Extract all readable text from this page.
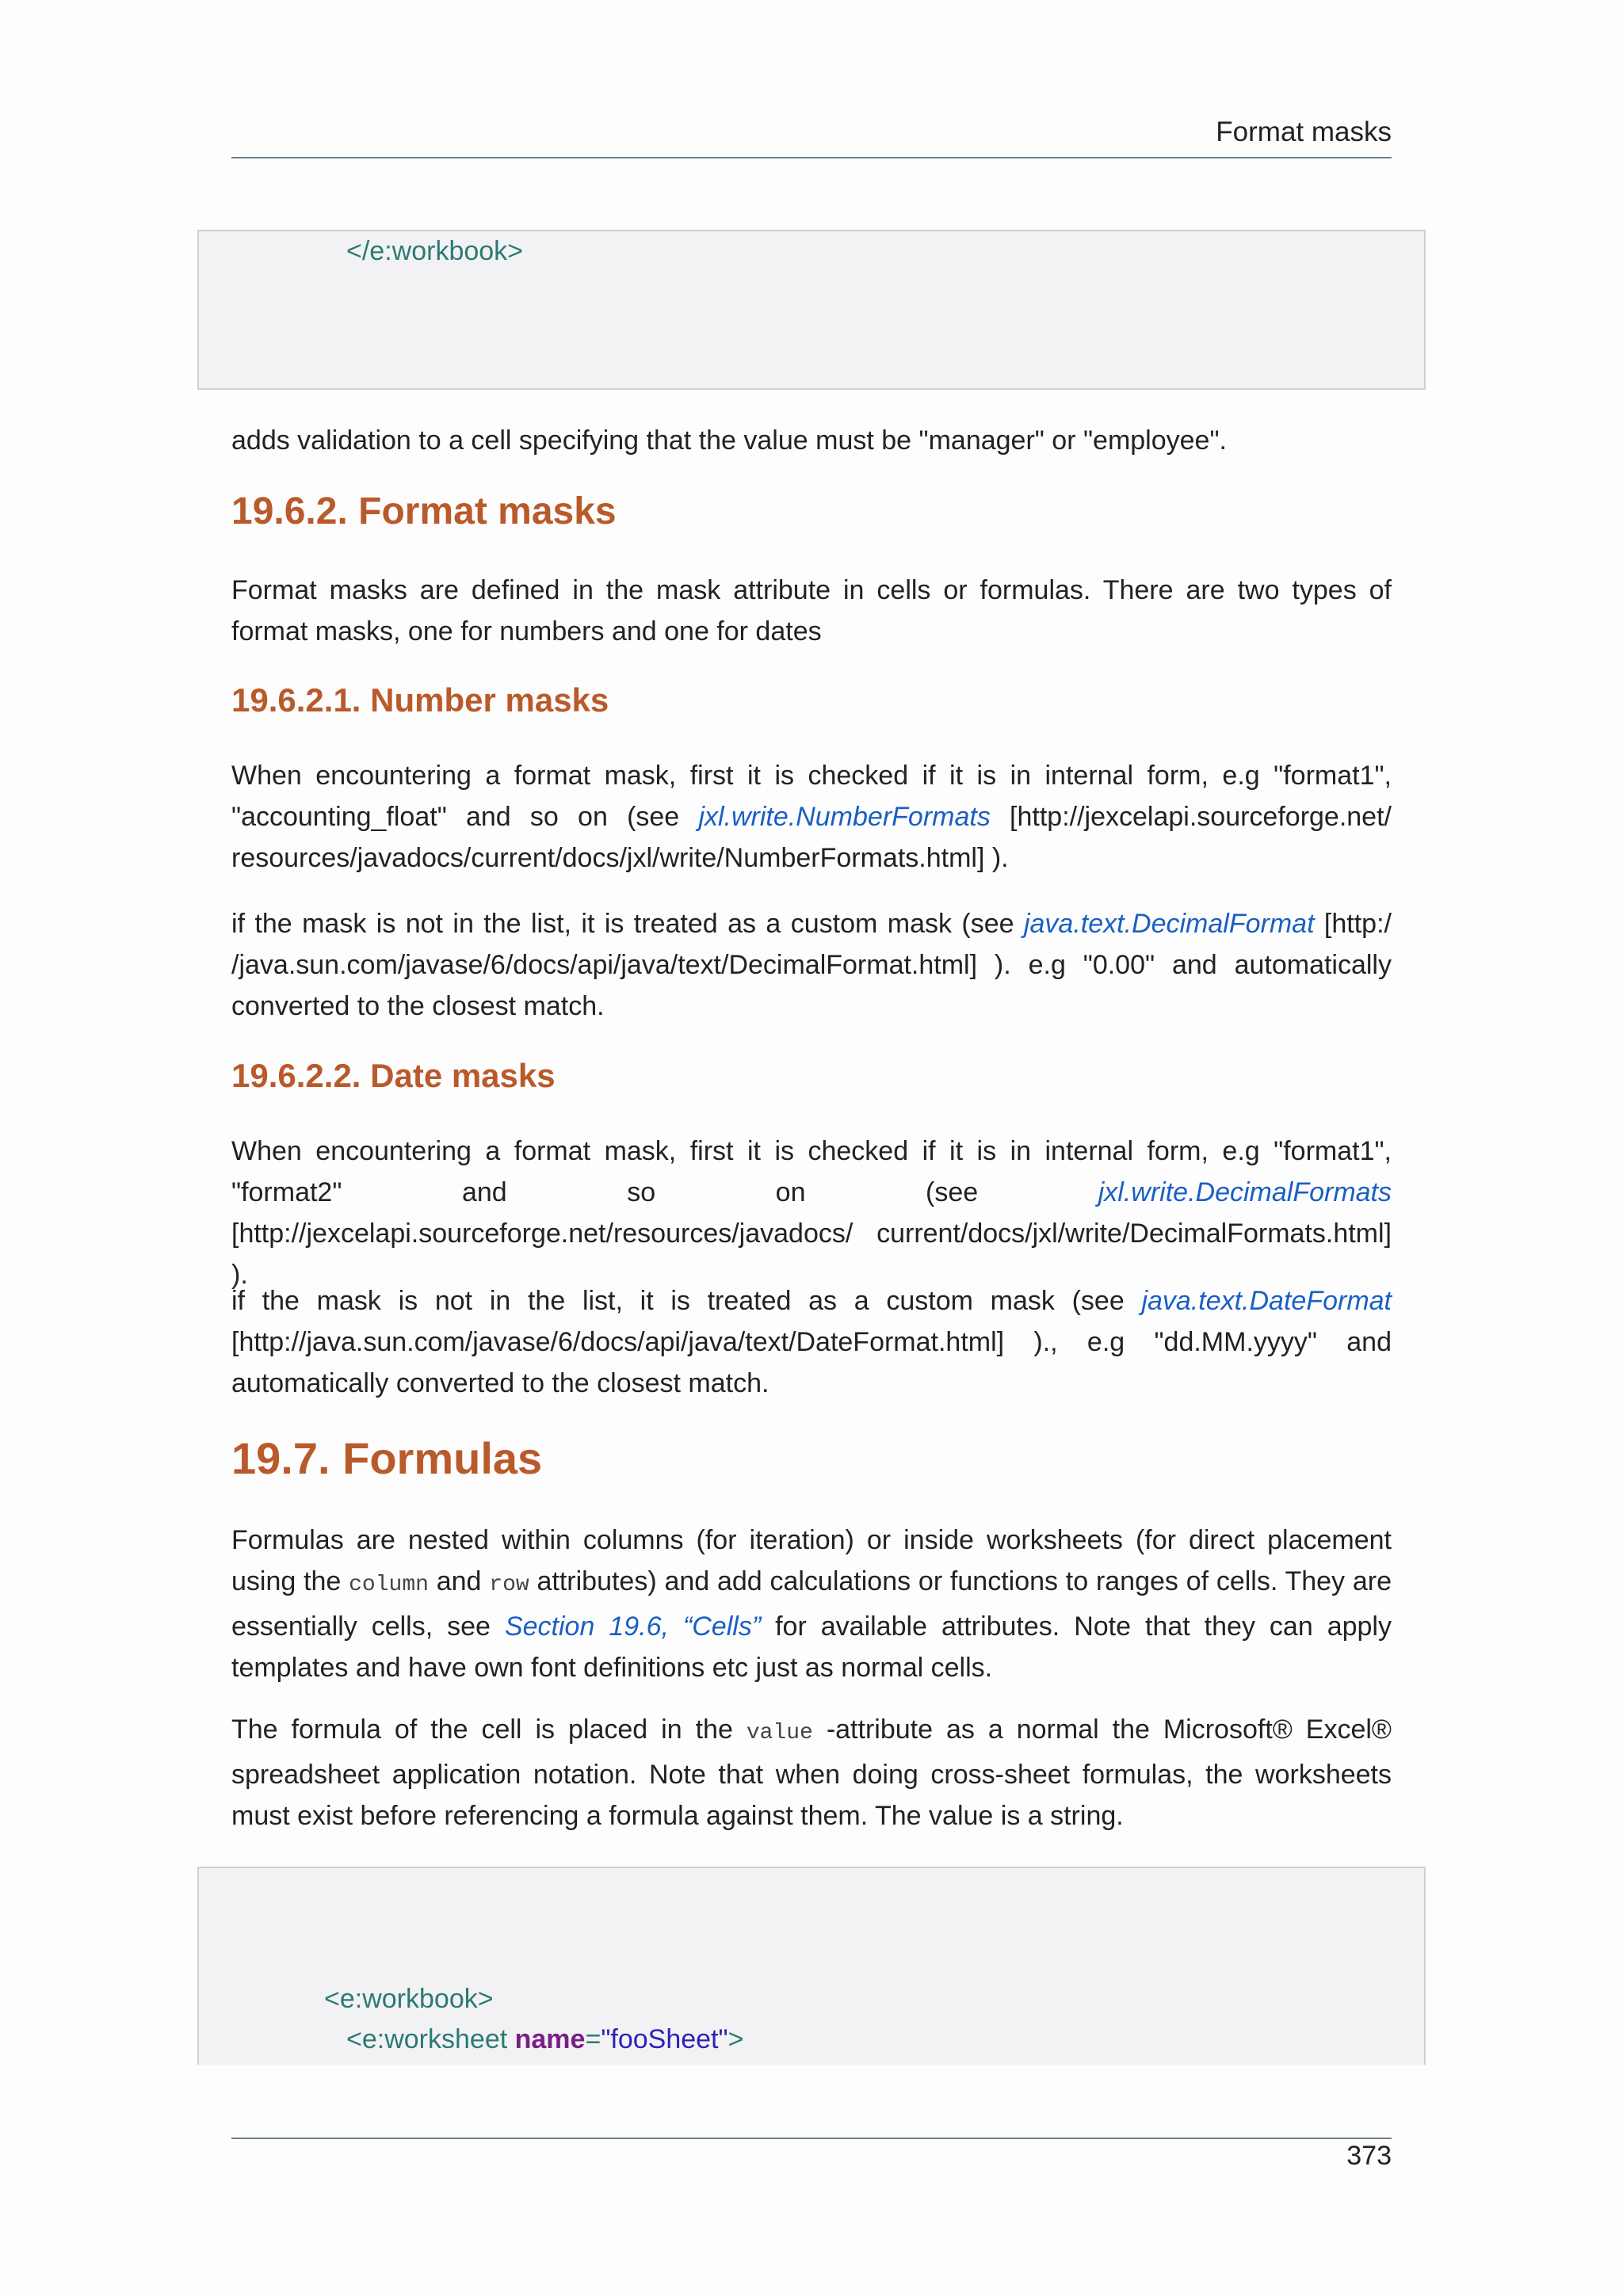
Format masks
</e:workbook>
adds validation to a cell specifying that the value must be "manager" or "employee".
19.6.2. Format masks
Format masks are defined in the mask attribute in cells or formulas. There are two types of format masks, one for numbers and one for dates
19.6.2.1. Number masks
When encountering a format mask, first it is checked if it is in internal form, e.g "format1", "accounting_float" and so on (see jxl.write.NumberFormats [http://jexcelapi.sourceforge.net/ resources/javadocs/current/docs/jxl/write/NumberFormats.html] ).
if the mask is not in the list, it is treated as a custom mask (see java.text.DecimalFormat [http:/ /java.sun.com/javase/6/docs/api/java/text/DecimalFormat.html] ). e.g "0.00" and automatically converted to the closest match.
19.6.2.2. Date masks
When encountering a format mask, first it is checked if it is in internal form, e.g "format1", "format2" and so on (see jxl.write.DecimalFormats [http://jexcelapi.sourceforge.net/resources/javadocs/ current/docs/jxl/write/DecimalFormats.html] ).
if the mask is not in the list, it is treated as a custom mask (see java.text.DateFormat [http://java.sun.com/javase/6/docs/api/java/text/DateFormat.html] )., e.g "dd.MM.yyyy" and automatically converted to the closest match.
19.7. Formulas
Formulas are nested within columns (for iteration) or inside worksheets (for direct placement using the column and row attributes) and add calculations or functions to ranges of cells. They are essentially cells, see Section 19.6, “Cells” for available attributes. Note that they can apply templates and have own font definitions etc just as normal cells.
The formula of the cell is placed in the value -attribute as a normal the Microsoft® Excel® spreadsheet application notation. Note that when doing cross-sheet formulas, the worksheets must exist before referencing a formula against them. The value is a string.
<e:workbook>
<e:worksheet name="fooSheet">
373
